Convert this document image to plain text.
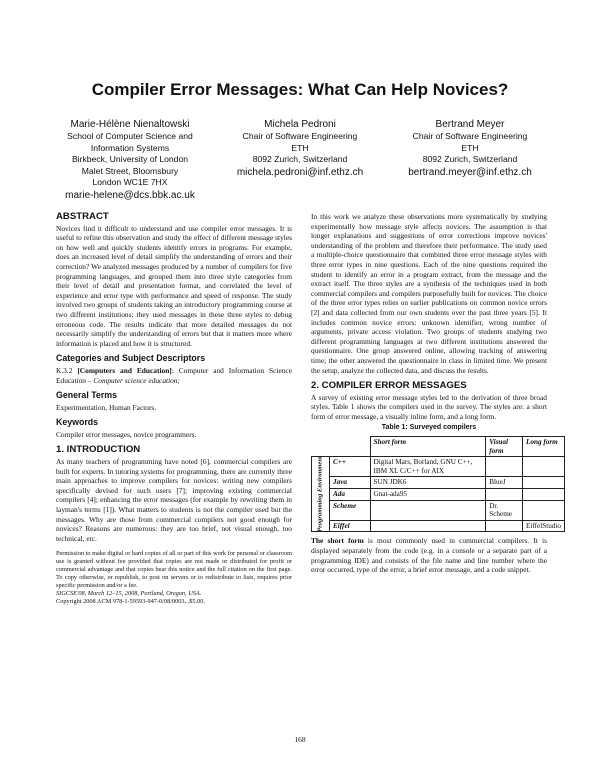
Compiler Error Messages: What Can Help Novices?
Marie-Hélène Nienaltowski
School of Computer Science and
Information Systems
Birkbeck, University of London
Malet Street, Bloomsbury
London WC1E 7HX
marie-helene@dcs.bbk.ac.uk
Michela Pedroni
Chair of Software Engineering
ETH
8092 Zurich, Switzerland
michela.pedroni@inf.ethz.ch
Bertrand Meyer
Chair of Software Engineering
ETH
8092 Zurich, Switzerland
bertrand.meyer@inf.ethz.ch
ABSTRACT

Novices find it difficult to understand and use compiler error messages. It is useful to refine this observation and study the effect of different message styles on how well and quickly students identify errors in programs. For example, does an increased level of detail simplify the understanding of errors and their correction? We analyzed messages produced by a number of compilers for five programming languages, and grouped them into three style categories from their level of detail and presentation format, and correlated the level of experience and error type with performance and speed of response. The study involved two groups of students taking an introductory programming course at two different institutions; they used messages in these three styles to debug erroneous code. The results indicate that more detailed messages do not necessarily simplify the understanding of errors but that it matters more where information is placed and how it is structured.

Categories and Subject Descriptors

K.3.2 [Computers and Education]: Computer and Information Science Education – Computer science education;

General Terms

Experimentation, Human Factors.

Keywords

Compiler error messages, novice programmers.

1. INTRODUCTION

As many teachers of programming have noted [6], commercial compilers are built for experts. In tutoring systems for programming, there are currently three main approaches to improve compilers for novices: writing new compilers specifically devised for such users [7]; improving existing commercial compilers [4]; enhancing the error messages (for example by rewriting them in layman's terms [1]). What matters to students is not the compiler used but the messages. Why are those from commercial compilers not good enough for novices? Reasons are numerous: they are too brief, not visual enough, too technical, etc.

Permission to make digital or hard copies of all or part of this work for personal or classroom use is granted without fee provided that copies are not made or distributed for profit or commercial advantage and that copies bear this notice and the full citation on the first page. To copy otherwise, or republish, to post on servers or to redistribute to lists, requires prior specific permission and/or a fee.

SIGCSE'08, March 12–15, 2008, Portland, Oregon, USA.

Copyright 2008 ACM 978-1-59593-947-0/08/0003...$5.00.

In this work we analyze these observations more systematically by studying experimentally how message style affects novices. The assumption is that longer explanations and suggestions of error corrections improve novices' understanding of the problem and therefore their performance. The study used a multiple-choice questionnaire that combined three error message styles with three error types in nine questions. Each of the nine questions required the student to identify an error in a program extract, from the message and the extract itself. The three styles are a synthesis of the techniques used in both commercial compilers and compilers purposefully built for novices. The choice of the three error types relies on earlier publications on common novice errors [2] and data collected from our own students over the past three years [5]. It includes common novice errors: unknown identifier, wrong number of arguments, private access violation. Two groups of students studying two different programming languages at two different institutions answered the questionnaire. One group answered online, allowing tracking of answering time; the other answered the questionnaire in class in limited time. We present the setup, analyze the collected data, and discuss the results.

2. COMPILER ERROR MESSAGES

A survey of existing error message styles led to the derivation of three broad styles. Table 1 shows the compilers used in the survey. The styles are: a short form of error message, a visually inline form, and a long form.

Table 1: Surveyed compilers
		Short form	Visual form	Long form

Programming Environment	C++	Digital Mars, Borland, GNU C++, IBM XL C/C++ for AIX		
	Java	SUN JDK6	BlueJ	
	Ada	Gnat-ada95		
	Scheme		Dr. Scheme	
	Eiffel			EiffelStudio

The short form is most commonly used in commercial compilers. It is displayed separately from the code (e.g. in a console or a separate part of a programming IDE) and consists of the file name and line number where the error occurred, type of the error, a brief error message, and a code snippet.

168
